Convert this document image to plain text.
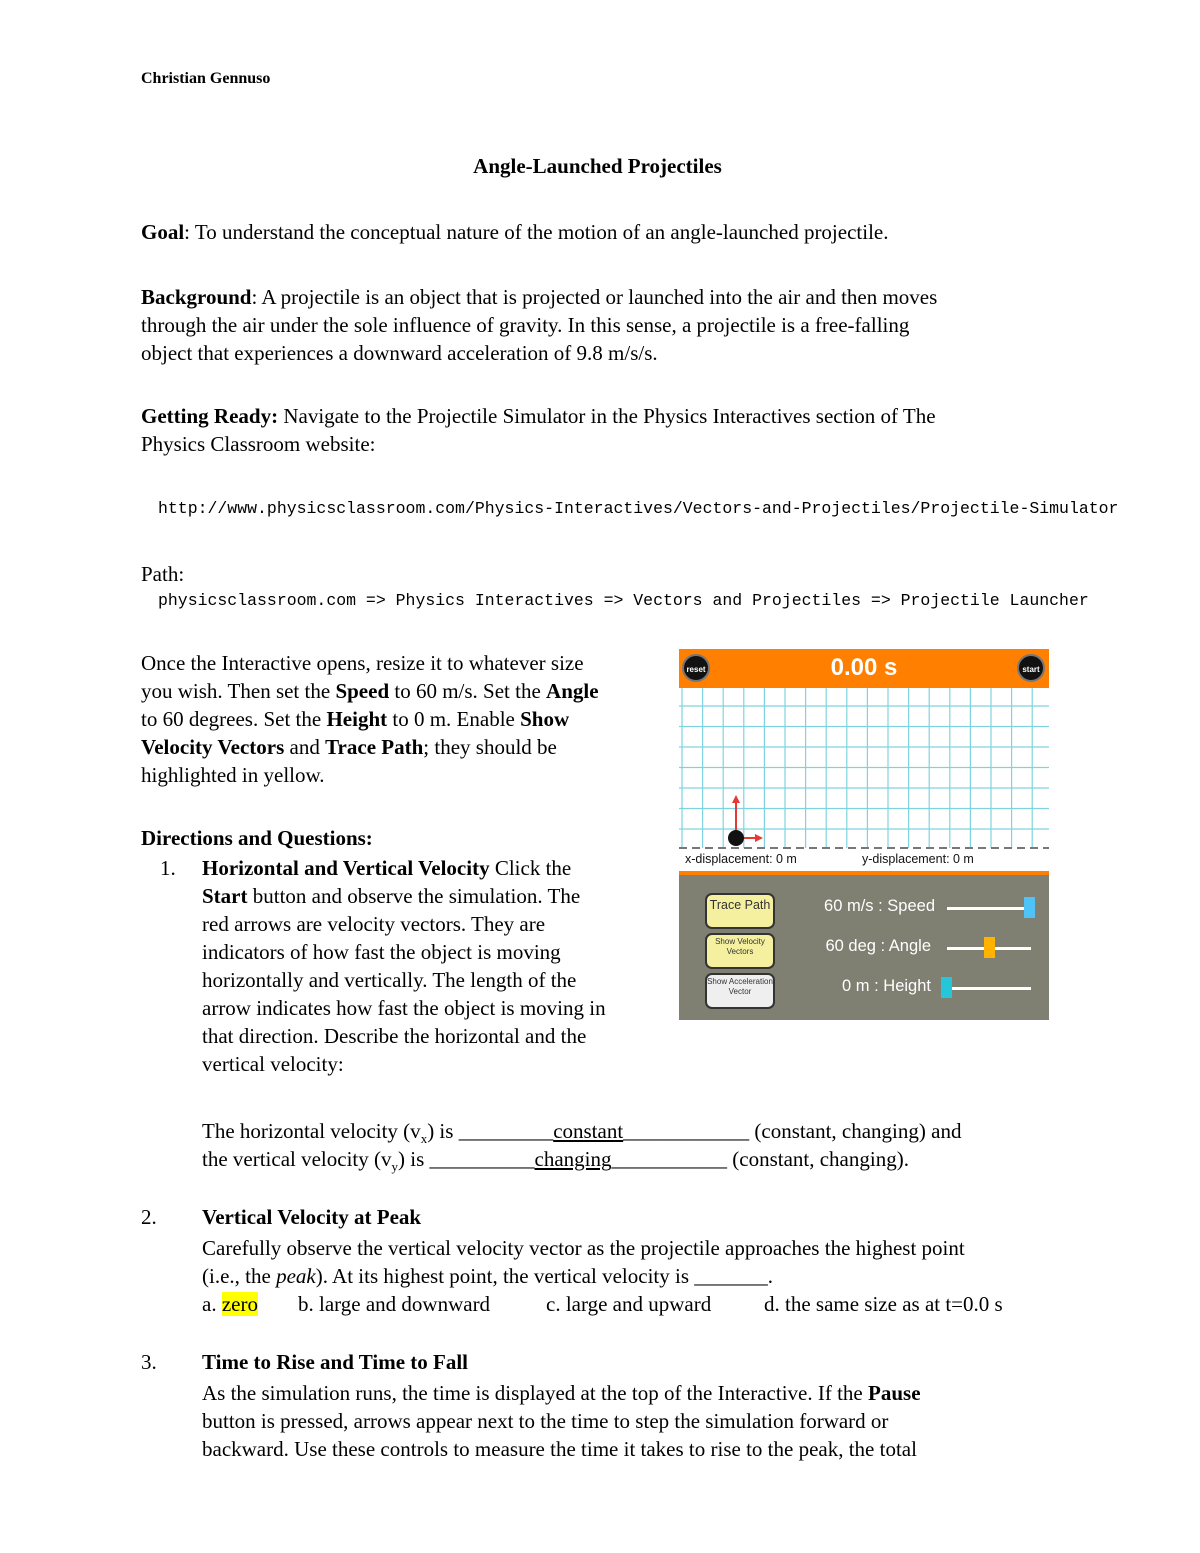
Christian Gennuso
Angle-Launched Projectiles
Goal: To understand the conceptual nature of the motion of an angle-launched projectile.
Background: A projectile is an object that is projected or launched into the air and then moves
through the air under the sole influence of gravity. In this sense, a projectile is a free-falling
object that experiences a downward acceleration of 9.8 m/s/s.
Getting Ready: Navigate to the Projectile Simulator in the Physics Interactives section of The
Physics Classroom website:
http://www.physicsclassroom.com/Physics-Interactives/Vectors-and-Projectiles/Projectile-Simulator
Path:
physicsclassroom.com => Physics Interactives => Vectors and Projectiles => Projectile Launcher
Once the Interactive opens, resize it to whatever size
you wish. Then set the Speed to 60 m/s. Set the Angle
to 60 degrees. Set the Height to 0 m. Enable Show
Velocity Vectors and Trace Path; they should be
highlighted in yellow.
Directions and Questions:
1. Horizontal and Vertical Velocity Click the
Start button and observe the simulation. The
red arrows are velocity vectors. They are
indicators of how fast the object is moving
horizontally and vertically. The length of the
arrow indicates how fast the object is moving in
that direction. Describe the horizontal and the
vertical velocity:
The horizontal velocity $(v_x)$ is _________constant____________ (constant, changing) and
the vertical velocity $(v_y)$ is __________changing___________ (constant, changing).
2. Vertical Velocity at Peak
Carefully observe the vertical velocity vector as the projectile approaches the highest point
(i.e., the peak). At its highest point, the vertical velocity is _______.
a. zero b. large and downward	c. large and upward	d. the same size as at t=0.0 s
3. Time to Rise and Time to Fall
As the simulation runs, the time is displayed at the top of the Interactive. If the Pause
button is pressed, arrows appear next to the time to step the simulation forward or
backward. Use these controls to measure the time it takes to rise to the peak, the total
reset	0.00 s	start
x-displacement: 0 m	y-displacement: 0 m
Trace Path
Show Velocity Vectors
Show Acceleration Vector
60 m/s : Speed
60 deg : Angle
0 m : Height
